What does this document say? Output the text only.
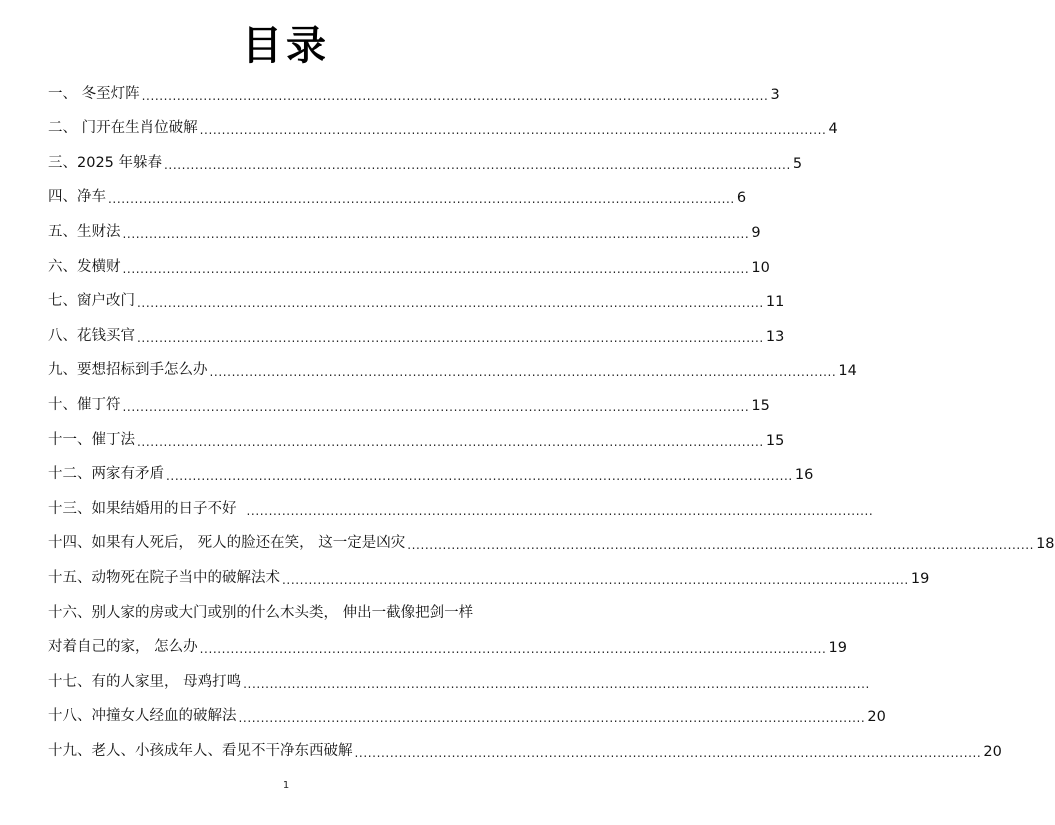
目录
一、 冬至灯阵 .............................................................................................................................................. 3
二、 门开在生肖位破解 .............................................................................................................................................. 4
三、2025 年躲春 .............................................................................................................................................. 5
四、净车 .............................................................................................................................................. 6
五、生财法 .............................................................................................................................................. 9
六、发横财 .............................................................................................................................................. 10
七、窗户改门 .............................................................................................................................................. 11
八、花钱买官 .............................................................................................................................................. 13
九、要想招标到手怎么办 .............................................................................................................................................. 14
十、催丁符 .............................................................................................................................................. 15
十一、催丁法 .............................................................................................................................................. 15
十二、两家有矛盾 .............................................................................................................................................. 16
十三、如果结婚用的日子不好 ..............................................................................................................................................
十四、如果有人死后， 死人的脸还在笑， 这一定是凶灾 .............................................................................................................................................. 18
十五、动物死在院子当中的破解法术 .............................................................................................................................................. 19
十六、别人家的房或大门或别的什么木头类， 伸出一截像把剑一样
对着自己的家， 怎么办 .............................................................................................................................................. 19
十七、有的人家里， 母鸡打鸣 ..............................................................................................................................................
十八、冲撞女人经血的破解法 .............................................................................................................................................. 20
十九、老人、小孩成年人、看见不干净东西破解 .............................................................................................................................................. 20
1
